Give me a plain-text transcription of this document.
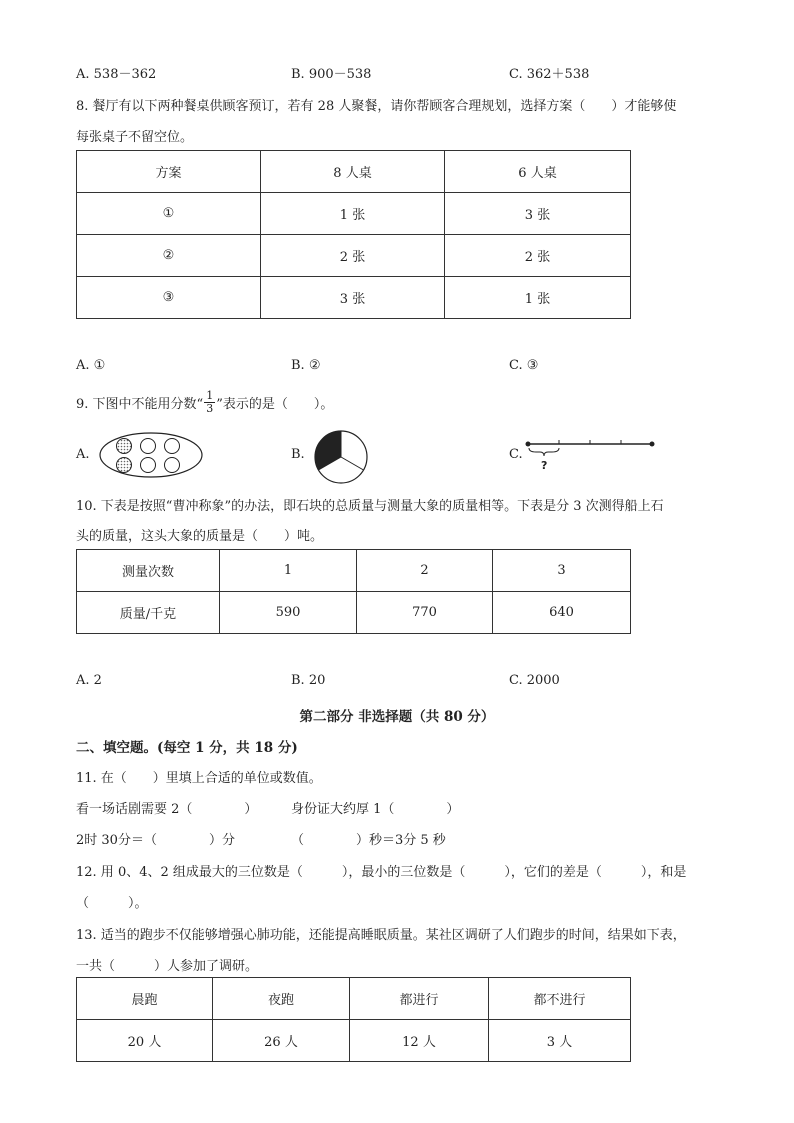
A. 538－362	B. 900－538	C. 362＋538
8. 餐厅有以下两种餐桌供顾客预订，若有 28 人聚餐，请你帮顾客合理规划，选择方案（　　）才能够使
每张桌子不留空位。
方案	8 人桌	6 人桌
①	1 张	3 张
②	2 张	2 张
③	3 张	1 张
A. ①	B. ②	C. ③
9. 下图中不能用分数“ $\frac{1}{3}$ ”表示的是（　　）。
A.	B.	C.
?
10. 下表是按照“曹冲称象”的办法，即石块的总质量与测量大象的质量相等。下表是分 3 次测得船上石
头的质量，这头大象的质量是（　　）吨。
测量次数	1	2	3
质量/千克	590	770	640
A. 2	B. 20	C. 2000
第二部分 非选择题（共 80 分）
二、填空题。(每空 1 分，共 18 分)
11. 在（　　）里填上合适的单位或数值。
看一场话剧需要 2（　　　　）	身份证大约厚 1（　　　　）
2时 30分＝（　　　　）分	（　　　　）秒＝3分 5 秒
12. 用 0、4、2 组成最大的三位数是（　　　），最小的三位数是（　　　），它们的差是（　　　），和是
（　　　）。
13. 适当的跑步不仅能够增强心肺功能，还能提高睡眠质量。某社区调研了人们跑步的时间，结果如下表，
一共（　　　）人参加了调研。
晨跑	夜跑	都进行	都不进行
20 人	26 人	12 人	3 人
